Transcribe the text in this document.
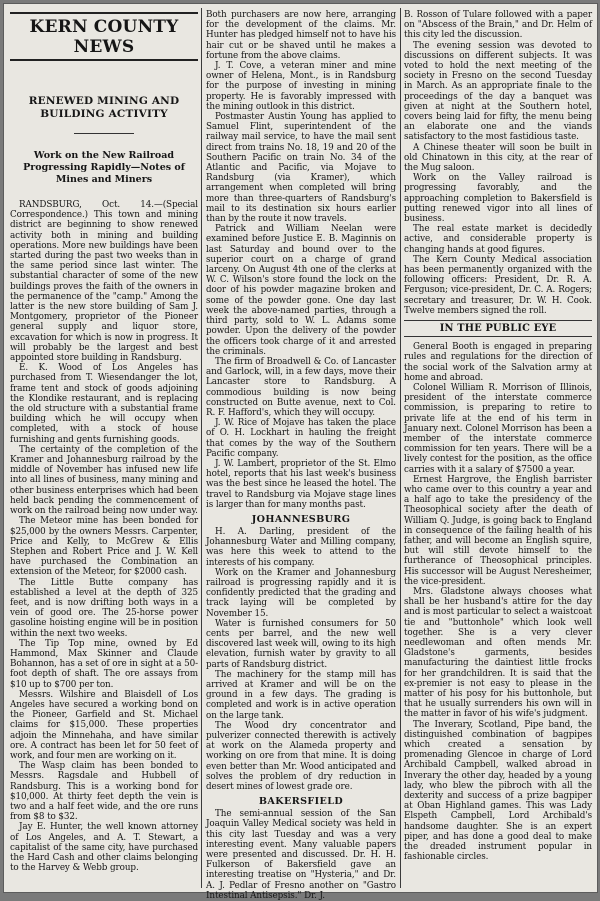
KERN COUNTY NEWS
RENEWED MINING AND BUILDING ACTIVITY
Work on the New Railroad Progressing Rapidly—Notes of Mines and Miners

RANDSBURG, Oct. 14.—(Special Correspondence.) This town and mining district are beginning to show renewed activity both in mining and building operations. More new buildings have been started during the past two weeks than in the same period since last winter. The substantial character of some of the new buildings proves the faith of the owners in the permanence of the "camp." Among the latter is the new store building of Sam J. Montgomery, proprietor of the Pioneer general supply and liquor store, excavation for which is now in progress. It will probably be the largest and best appointed store building in Randsburg.

E. K. Wood of Los Angeles has purchased from T. Wiesendanger the lot, frame tent and stock of goods adjoining the Klondike restaurant, and is replacing the old structure with a substantial frame building which he will occupy when completed, with a stock of house furnishing and gents furnishing goods.

The certainty of the completion of the Kramer and Johannesburg railroad by the middle of November has infused new life into all lines of business, many mining and other business enterprises which had been held back pending the commencement of work on the railroad being now under way.

The Meteor mine has been bonded for $25,000 by the owners Messrs. Carpenter, Price and Kelly, to McGrew & Ellis Stephen and Robert Price and J. W. Kell have purchased the Combination an extension of the Meteor, for $2000 cash.

The Little Butte company has established a level at the depth of 325 feet, and is now drifting both ways in a vein of good ore. The 25-horse power gasoline hoisting engine will be in position within the next two weeks.

The Tip Top mine, owned by Ed Hammond, Max Skinner and Claude Bohannon, has a set of ore in sight at a 50-foot depth of shaft. The ore assays from $10 up to $700 per ton.

Messrs. Wilshire and Blaisdell of Los Angeles have secured a working bond on the Pioneer, Garfield and St. Michael claims for $15,000. These properties adjoin the Minnehaha, and have similar ore. A contract has been let for 50 feet of work, and four men are working on it.

The Wasp claim has been bonded to Messrs. Ragsdale and Hubbell of Randsburg. This is a working bond for $10,000. At thirty feet depth the vein is two and a half feet wide, and the ore runs from $8 to $32.

Jay E. Hunter, the well known attorney of Los Angeles, and A. T. Stewart, a capitalist of the same city, have purchased the Hard Cash and other claims belonging to the Harvey & Webb group.

Both purchasers are now here, arranging for the development of the claims. Mr. Hunter has pledged himself not to have his hair cut or be shaved until he makes a fortune from the above claims.

J. T. Cove, a veteran miner and mine owner of Helena, Mont., is in Randsburg for the purpose of investing in mining property. He is favorably impressed with the mining outlook in this district.

Postmaster Austin Young has applied to Samuel Flint, superintendent of the railway mail service, to have the mail sent direct from trains No. 18, 19 and 20 of the Southern Pacific on train No. 34 of the Atlantic and Pacific, via Mojave to Randsburg (via Kramer), which arrangement when completed will bring more than three-quarters of Randsburg's mail to its destination six hours earlier than by the route it now travels.

Patrick and William Neelan were examined before Justice E. B. Maginnis on last Saturday and bound over to the superior court on a charge of grand larceny. On August 4th one of the clerks at W. C. Wilson's store found the lock on the door of his powder magazine broken and some of the powder gone. One day last week the above-named parties, through a third party, sold to W. L. Adams some powder. Upon the delivery of the powder the officers took charge of it and arrested the criminals.

The firm of Broadwell & Co. of Lancaster and Garlock, will, in a few days, move their Lancaster store to Randsburg. A commodious building is now being constructed on Butte avenue, next to Col. R. F. Hafford's, which they will occupy.

J. W. Rice of Mojave has taken the place of O. H. Lockhart in hauling the freight that comes by the way of the Southern Pacific company.

J. W. Lambert, proprietor of the St. Elmo hotel, reports that his last week's business was the best since he leased the hotel. The travel to Randsburg via Mojave stage lines is larger than for many months past.

JOHANNESBURG

H. A. Darling, president of the Johannesburg Water and Milling company, was here this week to attend to the interests of his company.

Work on the Kramer and Johannesburg railroad is progressing rapidly and it is confidently predicted that the grading and track laying will be completed by November 15.

Water is furnished consumers for 50 cents per barrel, and the new well discovered last week will, owing to its high elevation, furnish water by gravity to all parts of Randsburg district.

The machinery for the stamp mill has arrived at Kramer and will be on the ground in a few days. The grading is completed and work is in active operation on the large tank.

The Wood dry concentrator and pulverizer connected therewith is actively at work on the Alameda property and working on ore from that mine. It is doing even better than Mr. Wood anticipated and solves the problem of dry reduction in desert mines of lowest grade ore.

BAKERSFIELD

The semi-annual session of the San Joaquin Valley Medical society was held in this city last Tuesday and was a very interesting event. Many valuable papers were presented and discussed. Dr. H. H. Fulkerson of Bakersfield gave an interesting treatise on "Hysteria," and Dr. A. J. Pedlar of Fresno another on "Gastro Intestinal Antisepsis." Dr. J.

B. Rosson of Tulare followed with a paper on "Abscess of the Brain," and Dr. Helm of this city led the discussion.

The evening session was devoted to discussions on different subjects. It was voted to hold the next meeting of the society in Fresno on the second Tuesday in March. As an appropriate finale to the proceedings of the day a banquet was given at night at the Southern hotel, covers being laid for fifty, the menu being an elaborate one and the viands satisfactory to the most fastidious taste.

A Chinese theater will soon be built in old Chinatown in this city, at the rear of the Mug saloon.

Work on the Valley railroad is progressing favorably, and the approaching completion to Bakersfield is putting renewed vigor into all lines of business.

The real estate market is decidedly active, and considerable property is changing hands at good figures.

The Kern County Medical association has been permanently organized with the following officers: President, Dr. R. A. Ferguson; vice-president, Dr. C. A. Rogers; secretary and treasurer, Dr. W. H. Cook. Twelve members signed the roll.

IN THE PUBLIC EYE

General Booth is engaged in preparing rules and regulations for the direction of the social work of the Salvation army at home and abroad.

Colonel William R. Morrison of Illinois, president of the interstate commerce commission, is preparing to retire to private life at the end of his term in January next. Colonel Morrison has been a member of the interstate commerce commission for ten years. There will be a lively contest for the position, as the office carries with it a salary of $7500 a year.

Ernest Hargrove, the English barrister who came over to this country a year and a half ago to take the presidency of the Theosophical society after the death of William Q. Judge, is going back to England in consequence of the failing health of his father, and will become an English squire, but will still devote himself to the furtherance of Theosophical principles. His successor will be August Neresheimer, the vice-president.

Mrs. Gladstone always chooses what shall be her husband's attire for the day and is most particular to select a waistcoat tie and "buttonhole" which look well together. She is a very clever needlewoman and often mends Mr. Gladstone's garments, besides manufacturing the daintiest little frocks for her grandchildren. It is said that the ex-premier is not easy to please in the matter of his posy for his buttonhole, but that he usually surrenders his own will in the matter in favor of his wife's judgment.

The Inverary, Scotland, Pipe band, the distinguished combination of bagpipes which created a sensation by promenading Glencoe in charge of Lord Archibald Campbell, walked abroad in Inverary the other day, headed by a young lady, who blew the pibroch with all the dexterity and success of a prize bagpiper at Oban Highland games. This was Lady Elspeth Campbell, Lord Archibald's handsome daughter. She is an expert piper, and has done a good deal to make the dreaded instrument popular in fashionable circles.
